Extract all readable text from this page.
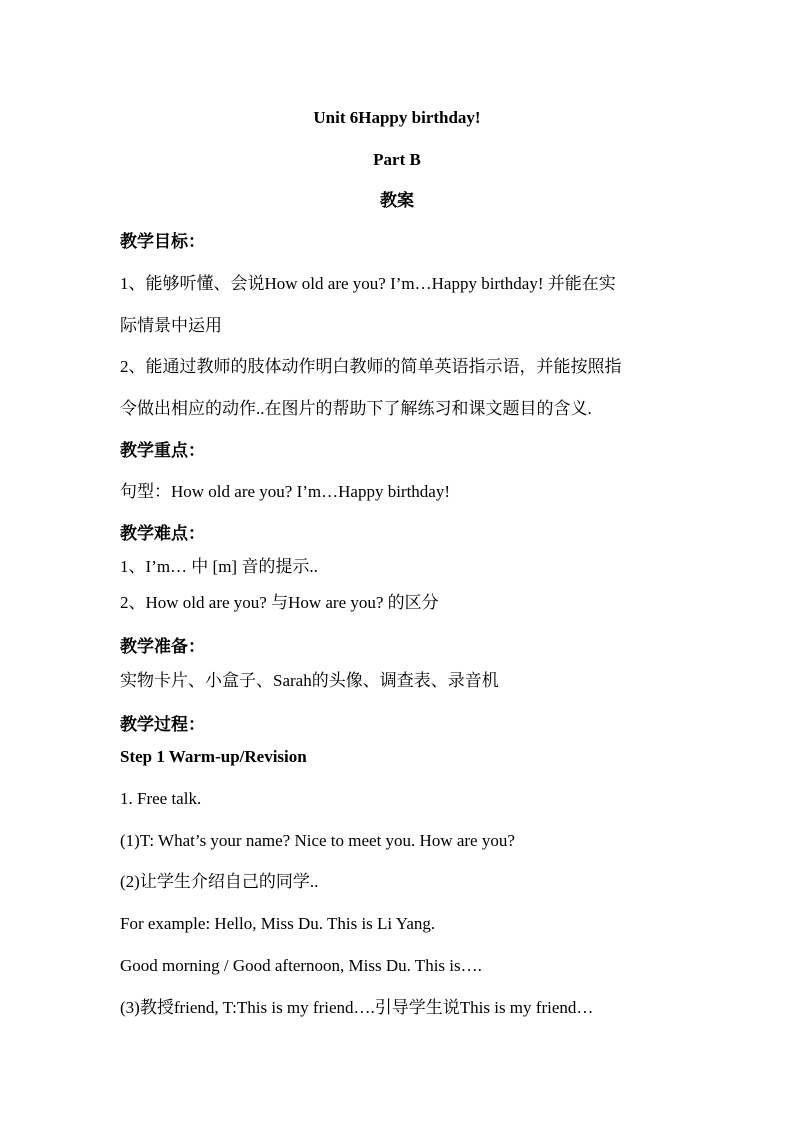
Unit 6Happy birthday!
Part B
教案
教学目标：
1、能够听懂、会说How old are you? I’m…Happy birthday! 并能在实
际情景中运用
2、能通过教师的肢体动作明白教师的简单英语指示语，并能按照指
令做出相应的动作..在图片的帮助下了解练习和课文题目的含义.
教学重点：
句型：How old are you? I’m…Happy birthday!
教学难点：
1、I’m… 中 [m] 音的提示..
2、How old are you? 与How are you? 的区分
教学准备：
实物卡片、小盒子、Sarah的头像、调查表、录音机
教学过程：
Step 1 Warm-up/Revision
1. Free talk.
(1)T: What’s your name? Nice to meet you. How are you?
(2)让学生介绍自己的同学..
For example: Hello, Miss Du. This is Li Yang.
Good morning / Good afternoon, Miss Du. This is….
(3)教授friend, T:This is my friend….引导学生说This is my friend…
